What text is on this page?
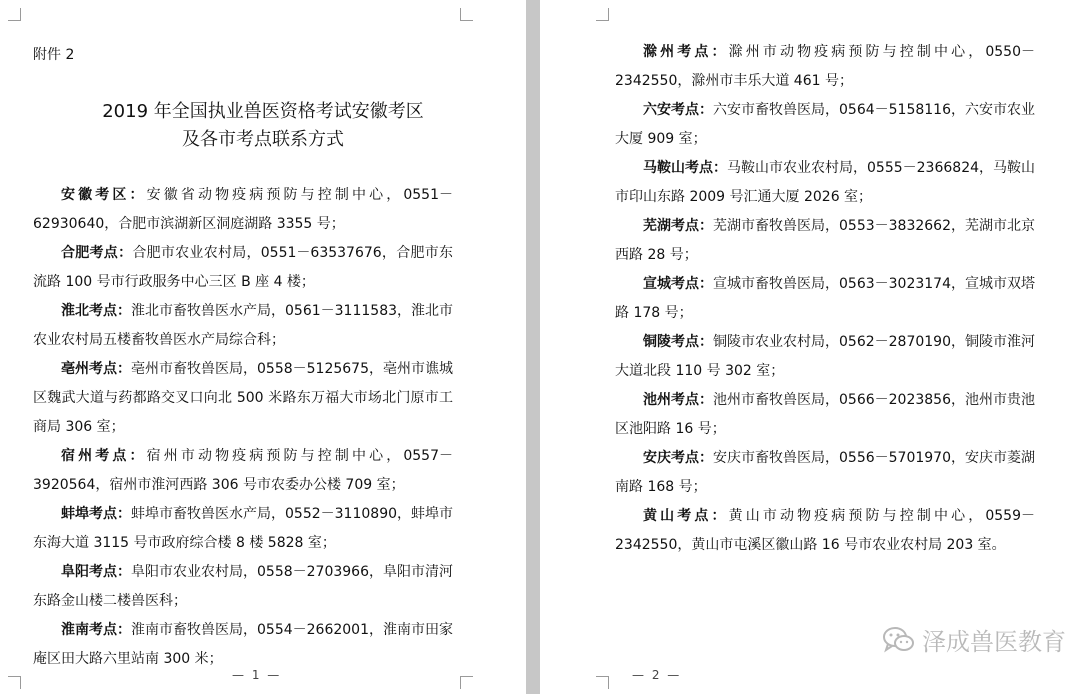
附件 2
2019 年全国执业兽医资格考试安徽考区
及各市考点联系方式

安徽考区：安徽省动物疫病预防与控制中心，0551－62930640，合肥市滨湖新区洞庭湖路 3355 号；

合肥考点：合肥市农业农村局，0551－63537676，合肥市东流路 100 号市行政服务中心三区 B 座 4 楼；

淮北考点：淮北市畜牧兽医水产局，0561－3111583，淮北市农业农村局五楼畜牧兽医水产局综合科；

亳州考点：亳州市畜牧兽医局，0558－5125675，亳州市谯城区魏武大道与药都路交叉口向北 500 米路东万福大市场北门原市工商局 306 室；

宿州考点：宿州市动物疫病预防与控制中心，0557－3920564，宿州市淮河西路 306 号市农委办公楼 709 室；

蚌埠考点：蚌埠市畜牧兽医水产局，0552－3110890，蚌埠市东海大道 3115 号市政府综合楼 8 楼 5828 室；

阜阳考点：阜阳市农业农村局，0558－2703966，阜阳市清河东路金山楼二楼兽医科；

淮南考点：淮南市畜牧兽医局，0554－2662001，淮南市田家庵区田大路六里站南 300 米；

— 1 —

滁州考点：滁州市动物疫病预防与控制中心，0550－2342550，滁州市丰乐大道 461 号；

六安考点：六安市畜牧兽医局，0564－5158116，六安市农业大厦 909 室；

马鞍山考点：马鞍山市农业农村局，0555－2366824，马鞍山市印山东路 2009 号汇通大厦 2026 室；

芜湖考点：芜湖市畜牧兽医局，0553－3832662，芜湖市北京西路 28 号；

宣城考点：宣城市畜牧兽医局，0563－3023174，宣城市双塔路 178 号；

铜陵考点：铜陵市农业农村局，0562－2870190，铜陵市淮河大道北段 110 号 302 室；

池州考点：池州市畜牧兽医局，0566－2023856，池州市贵池区池阳路 16 号；

安庆考点：安庆市畜牧兽医局，0556－5701970，安庆市菱湖南路 168 号；

黄山考点：黄山市动物疫病预防与控制中心，0559－2342550，黄山市屯溪区徽山路 16 号市农业农村局 203 室。

— 2 —
泽成兽医教育
